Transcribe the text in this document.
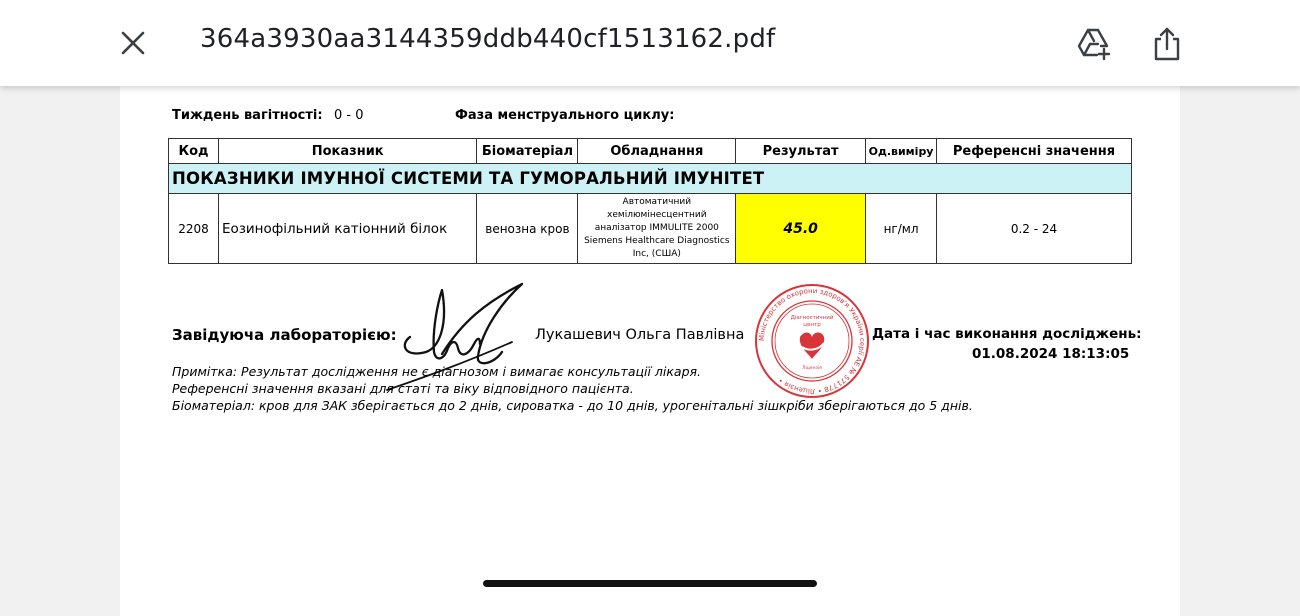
364a3930aa3144359ddb440cf1513162.pdf
Тиждень вагітності: 0 - 0	Фаза менструального циклу:
Код	Показник	Біоматеріал	Обладнання	Результат	Од.виміру	Референсні значення
ПОКАЗНИКИ ІМУННОЇ СИСТЕМИ ТА ГУМОРАЛЬНИЙ ІМУНІТЕТ						
2208	Еозинофільний катіонний білок	венозна кров	Автоматичний
хемілюмінесцентний
аналізатор IMMULITE 2000
Siemens Healthcare Diagnostics
Inc, (США)	45.0	нг/мл	0.2 - 24
Завідуюча лабораторією:	Лукашевич Ольга Павлівна Міністерство охорони здоров'я України серії АЕ № 571778 • Ліцензія •
Діагностичний
центр
Ліцензія
Дата і час виконання досліджень:
01.08.2024 18:13:05
Примітка: Результат дослідження не є діагнозом і вимагає консультації лікаря.
Референсні значення вказані для статі та віку відповідного пацієнта.
Біоматеріал: кров для ЗАК зберігається до 2 днів, сироватка - до 10 днів, урогенітальні зішкріби зберігаються до 5 днів.
